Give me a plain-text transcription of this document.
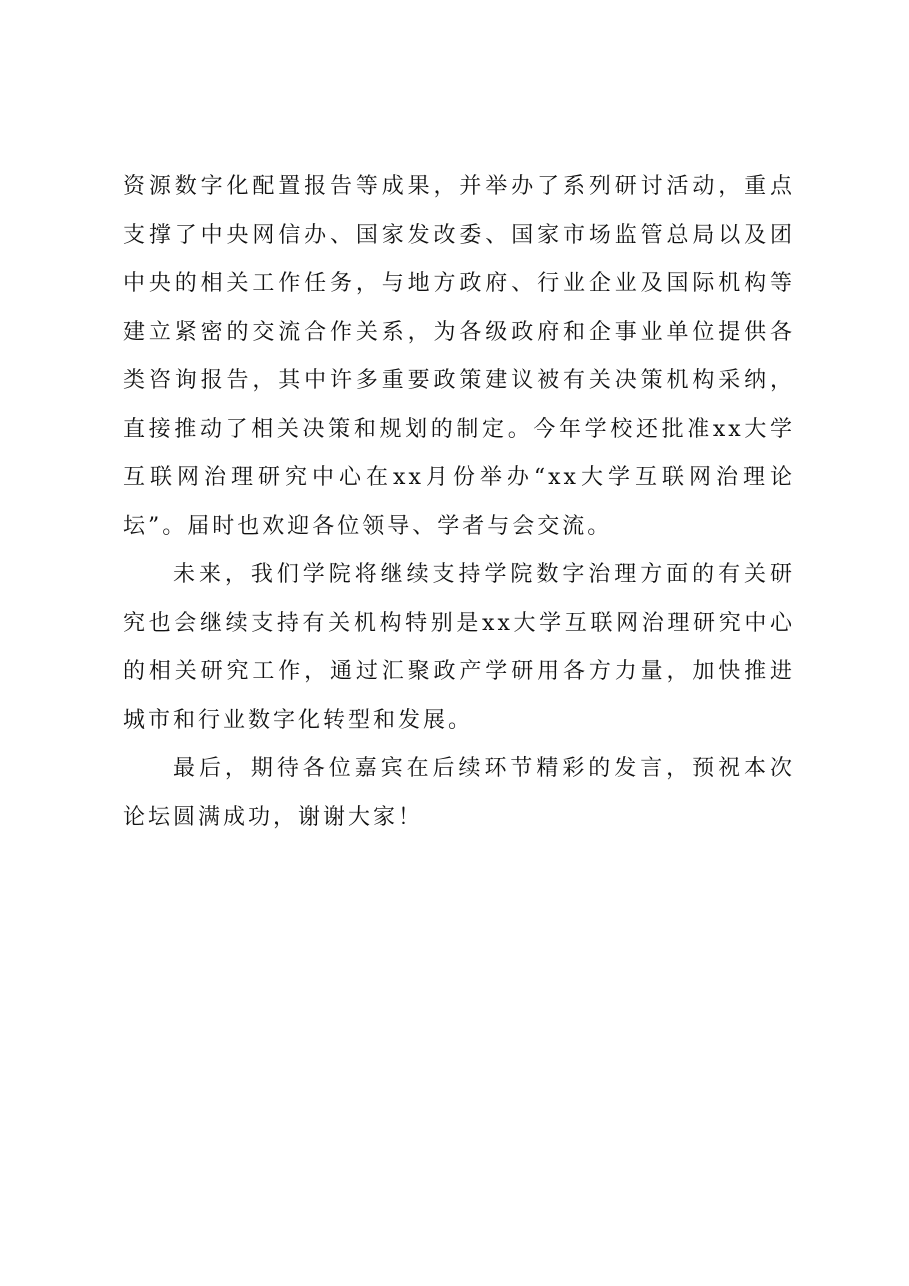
资源数字化配置报告等成果，并举办了系列研讨活动，重点支撑了中央网信办、国家发改委、国家市场监管总局以及团中央的相关工作任务，与地方政府、行业企业及国际机构等建立紧密的交流合作关系，为各级政府和企事业单位提供各类咨询报告，其中许多重要政策建议被有关决策机构采纳，直接推动了相关决策和规划的制定。今年学校还批准xx大学互联网治理研究中心在xx月份举办“xx大学互联网治理论坛”。届时也欢迎各位领导、学者与会交流。

未来，我们学院将继续支持学院数字治理方面的有关研究也会继续支持有关机构特别是xx大学互联网治理研究中心的相关研究工作，通过汇聚政产学研用各方力量，加快推进城市和行业数字化转型和发展。

最后，期待各位嘉宾在后续环节精彩的发言，预祝本次论坛圆满成功，谢谢大家！
